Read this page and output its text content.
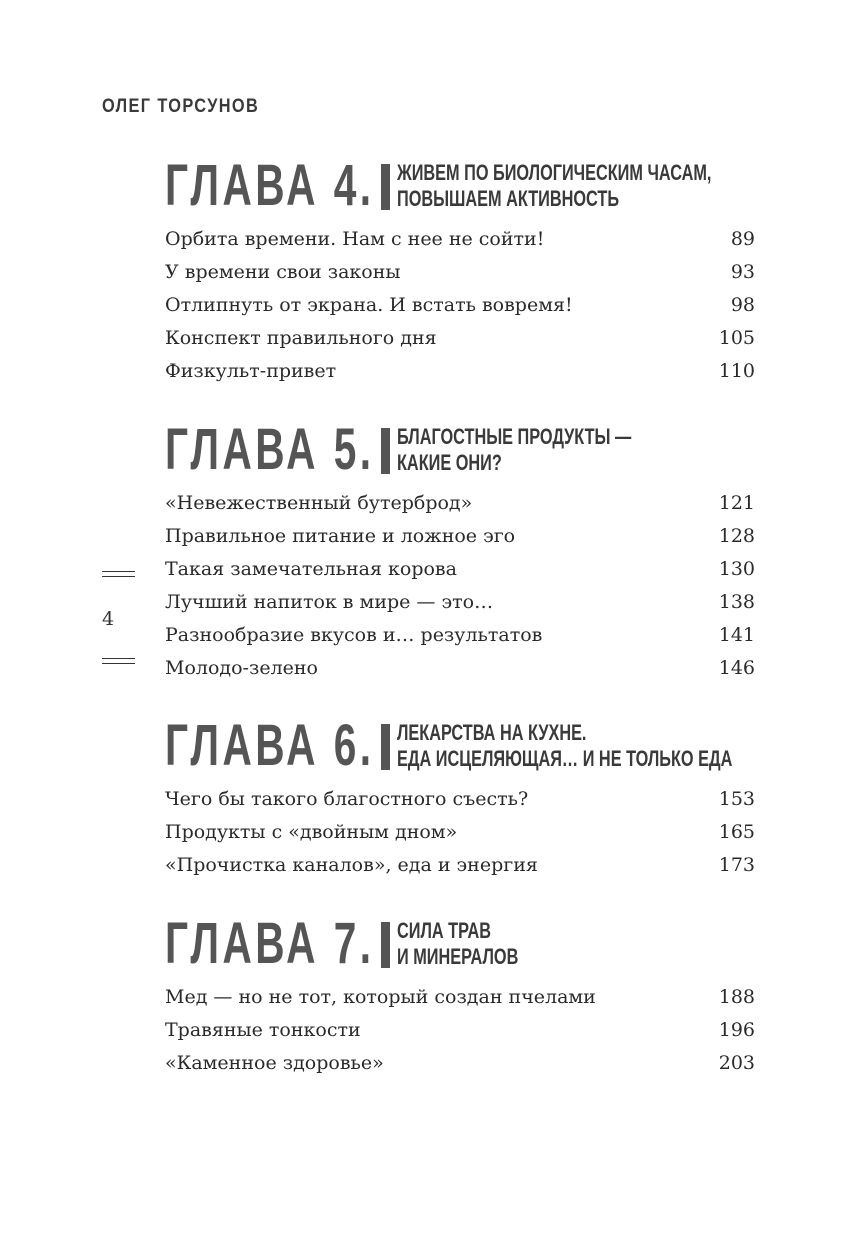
ОЛЕГ ТОРСУНОВ
4
ГЛАВА 4. ЖИВЕМ ПО БИОЛОГИЧЕСКИМ ЧАСАМ,
ПОВЫШАЕМ АКТИВНОСТЬ
Орбита времени. Нам с нее не сойти!	89
У времени свои законы	93
Отлипнуть от экрана. И встать вовремя!	98
Конспект правильного дня	105
Физкульт-привет	110
ГЛАВА 5. БЛАГОСТНЫЕ ПРОДУКТЫ —
КАКИЕ ОНИ?
«Невежественный бутерброд»	121
Правильное питание и ложное эго	128
Такая замечательная корова	130
Лучший напиток в мире — это…	138
Разнообразие вкусов и… результатов	141
Молодо-зелено	146
ГЛАВА 6. ЛЕКАРСТВА НА КУХНЕ.
ЕДА ИСЦЕЛЯЮЩАЯ… И НЕ ТОЛЬКО ЕДА
Чего бы такого благостного съесть?	153
Продукты с «двойным дном»	165
«Прочистка каналов», еда и энергия	173
ГЛАВА 7. СИЛА ТРАВ
И МИНЕРАЛОВ
Мед — но не тот, который создан пчелами	188
Травяные тонкости	196
«Каменное здоровье»	203
